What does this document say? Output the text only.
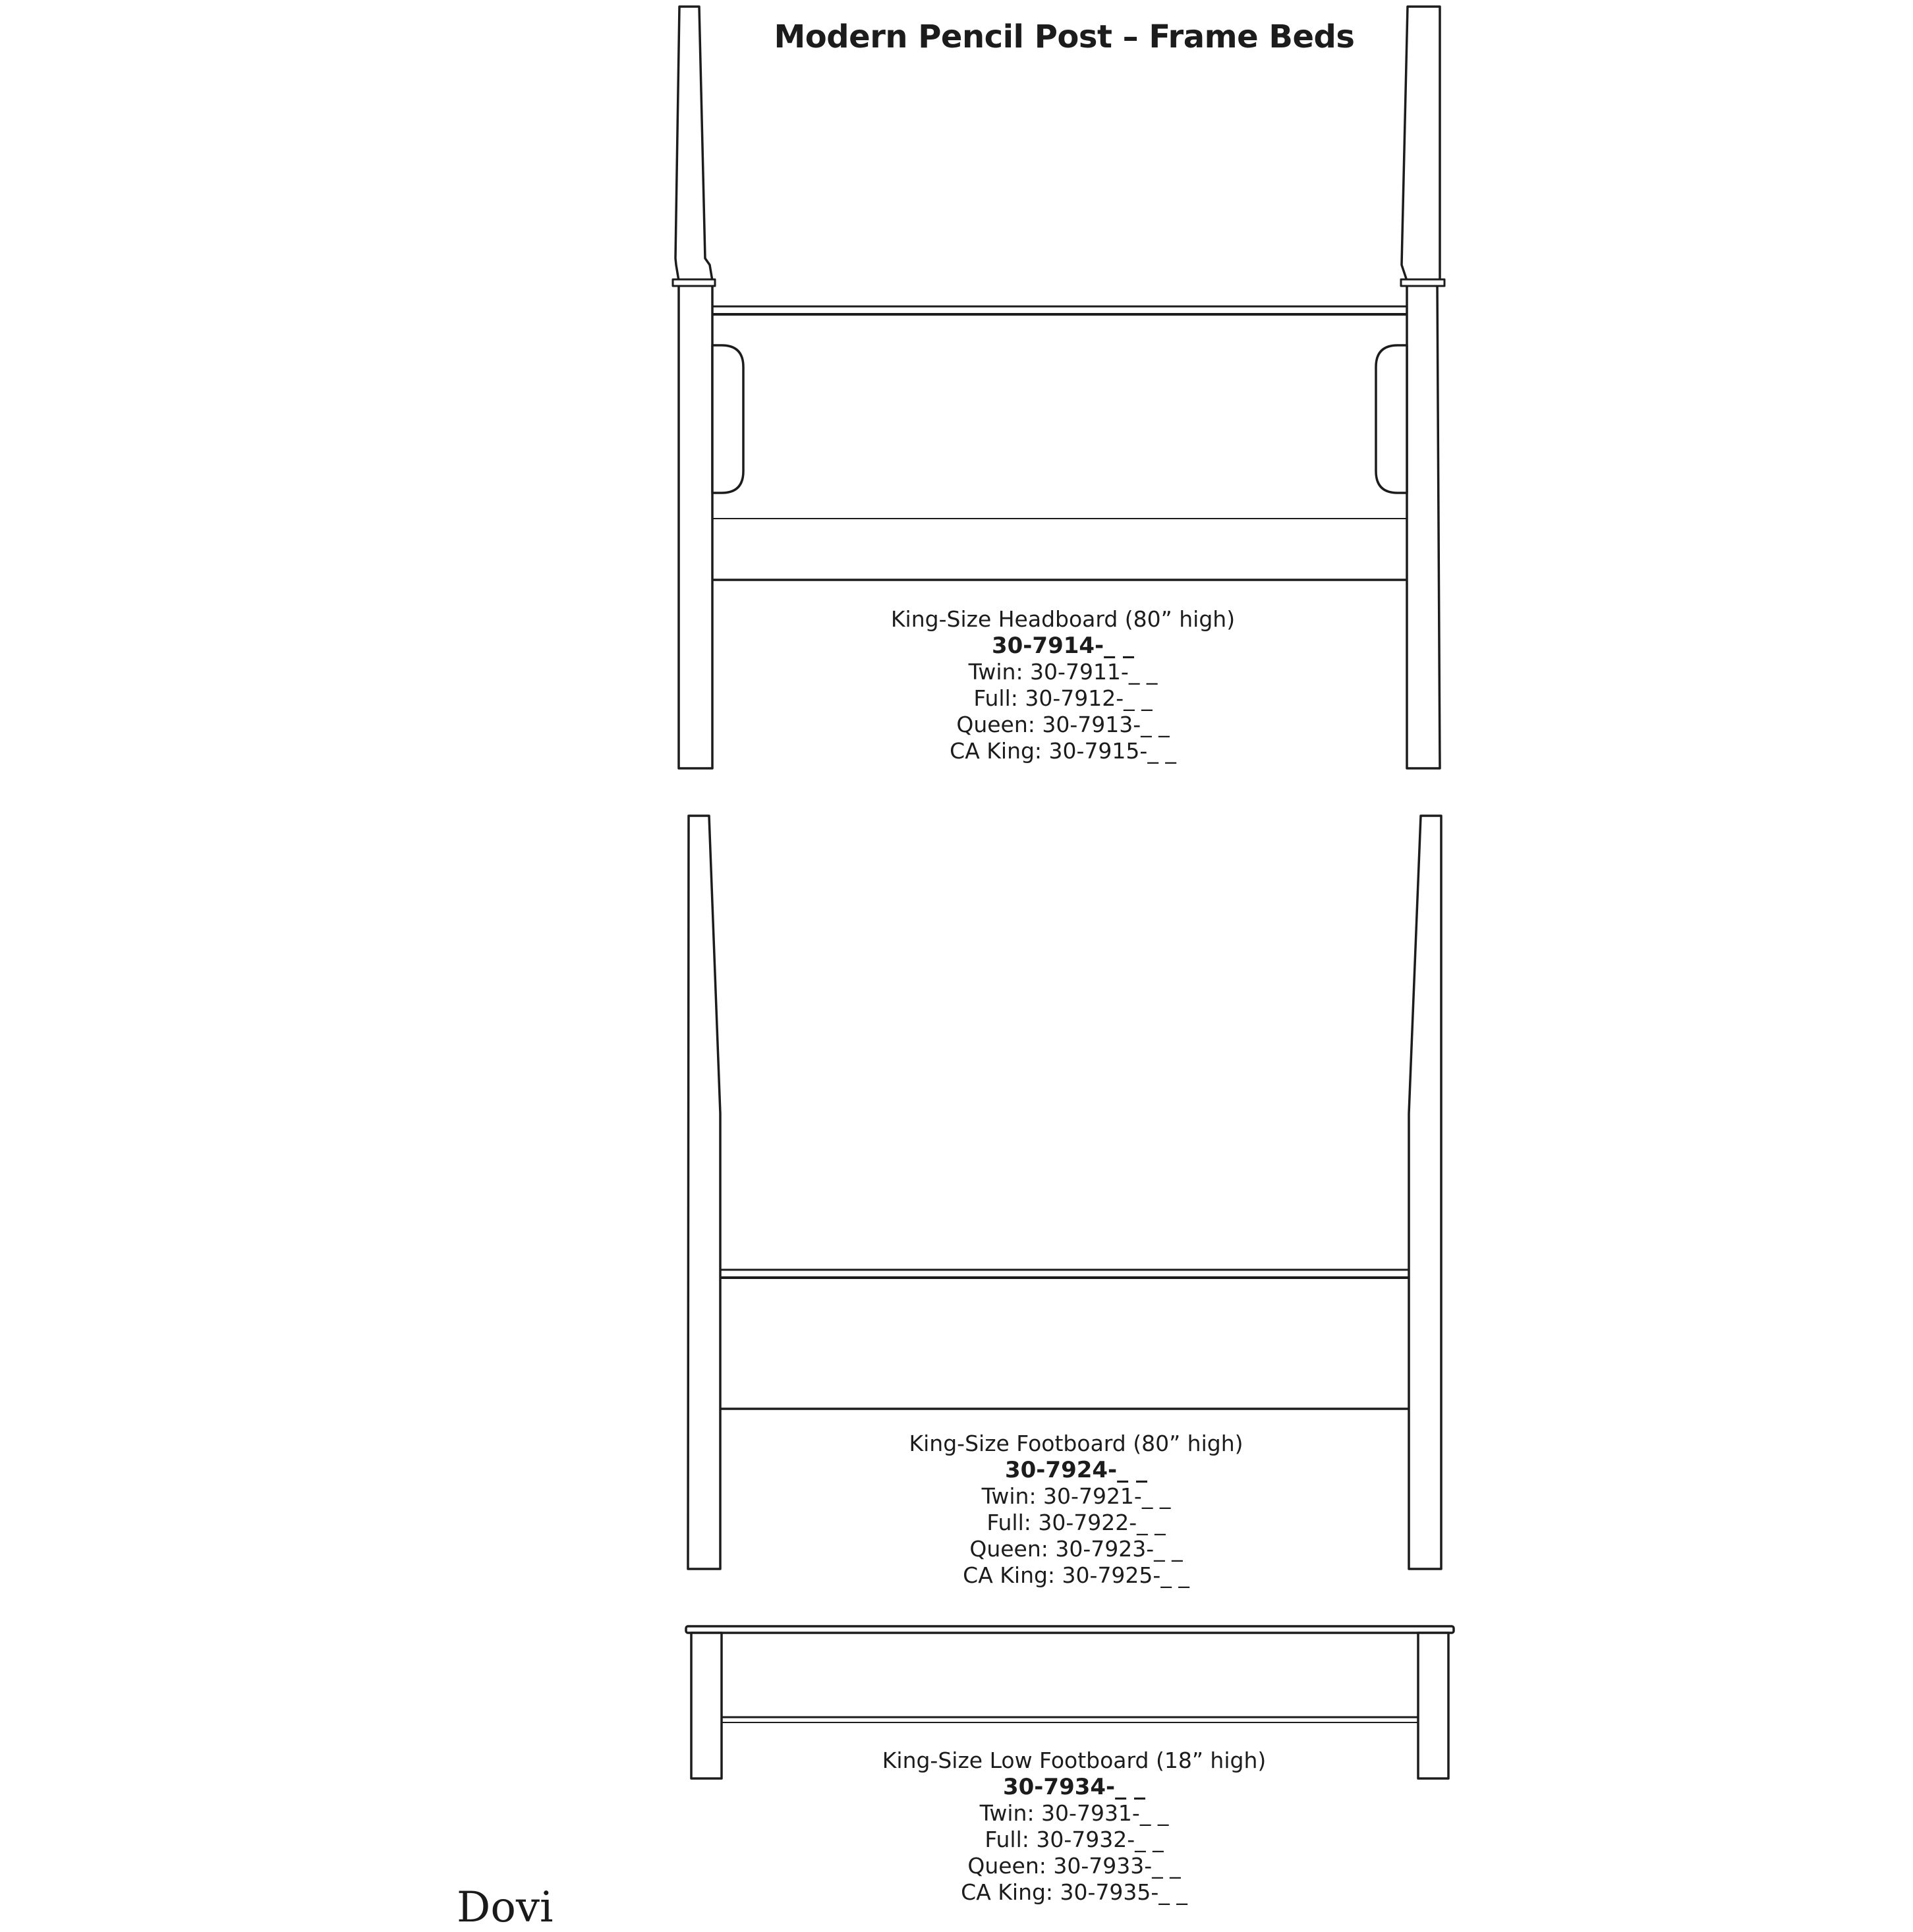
Modern Pencil Post – Frame Beds
King-Size Headboard (80” high)
30-7914-_ _
Twin: 30-7911-_ _
Full: 30-7912-_ _
Queen: 30-7913-_ _
CA King: 30-7915-_ _
King-Size Footboard (80” high)
30-7924-_ _
Twin: 30-7921-_ _
Full: 30-7922-_ _
Queen: 30-7923-_ _
CA King: 30-7925-_ _
King-Size Low Footboard (18” high)
30-7934-_ _
Twin: 30-7931-_ _
Full: 30-7932-_ _
Queen: 30-7933-_ _
CA King: 30-7935-_ _
Dovi
